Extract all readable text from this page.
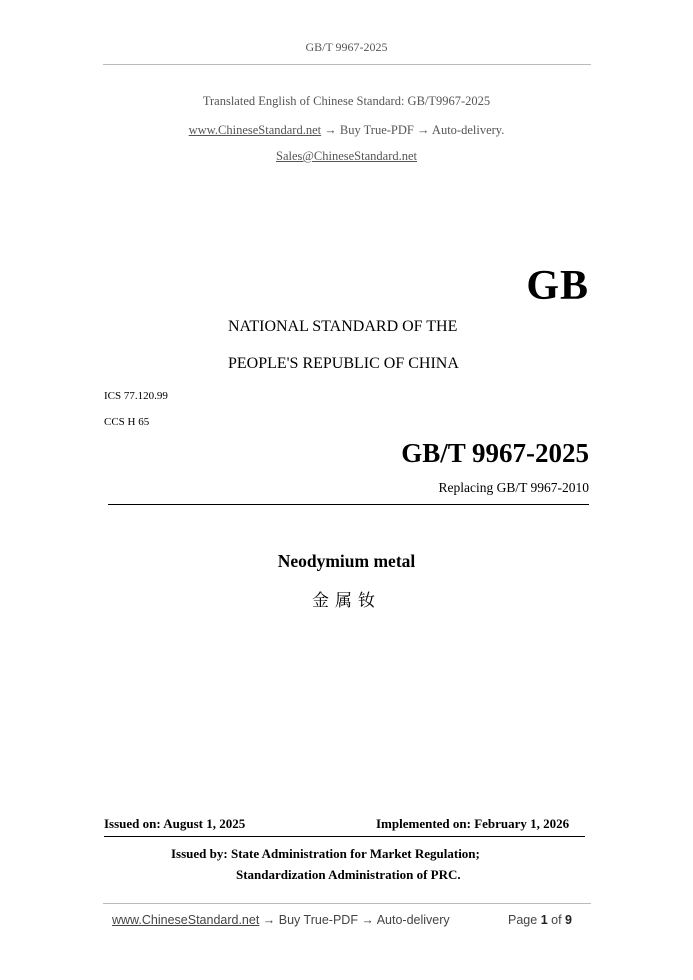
GB/T 9967-2025
Translated English of Chinese Standard: GB/T9967-2025
www.ChineseStandard.net → Buy True-PDF → Auto-delivery.
Sales@ChineseStandard.net
GB
NATIONAL STANDARD OF THE
PEOPLE'S REPUBLIC OF CHINA
ICS 77.120.99
CCS H 65
GB/T 9967-2025
Replacing GB/T 9967-2010
Neodymium metal
金属钕
Issued on: August 1, 2025	Implemented on: February 1, 2026
Issued by: State Administration for Market Regulation;
Standardization Administration of PRC.
www.ChineseStandard.net → Buy True-PDF → Auto-delivery	Page 1 of 9
